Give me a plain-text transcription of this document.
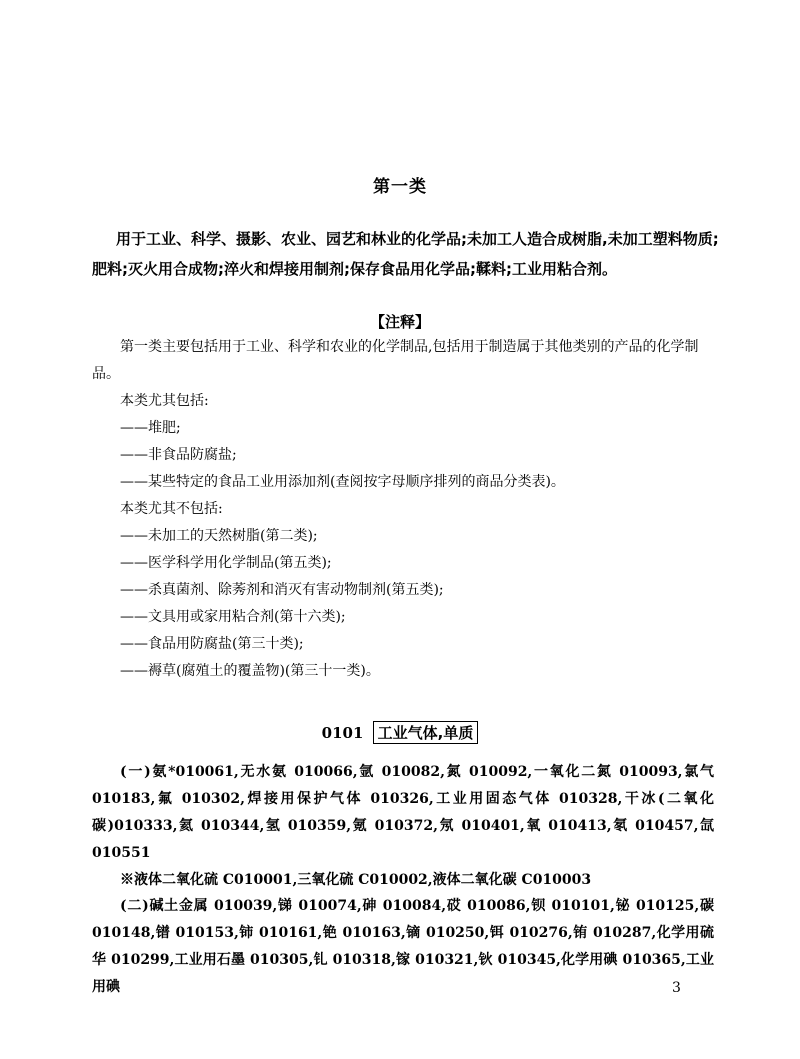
第一类
用于工业、科学、摄影、农业、园艺和林业的化学品;未加工人造合成树脂,未加工塑料物质;肥料;灭火用合成物;淬火和焊接用制剂;保存食品用化学品;鞣料;工业用粘合剂。
【注释】

第一类主要包括用于工业、科学和农业的化学制品,包括用于制造属于其他类别的产品的化学制品。

本类尤其包括:

——堆肥;

——非食品防腐盐;

——某些特定的食品工业用添加剂(查阅按字母顺序排列的商品分类表)。

本类尤其不包括:

——未加工的天然树脂(第二类);

——医学科学用化学制品(第五类);

——杀真菌剂、除莠剂和消灭有害动物制剂(第五类);

——文具用或家用粘合剂(第十六类);

——食品用防腐盐(第三十类);

——褥草(腐殖土的覆盖物)(第三十一类)。

0101 工业气体,单质

(一)氨*010061,无水氨 010066,氩 010082,氮 010092,一氧化二氮 010093,氯气 010183,氟 010302,焊接用保护气体 010326,工业用固态气体 010328,干冰(二氧化碳)010333,氦 010344,氢 010359,氪 010372,氖 010401,氧 010413,氡 010457,氙 010551

※液体二氧化硫 C010001,三氧化硫 C010002,液体二氧化碳 C010003

(二)碱土金属 010039,锑 010074,砷 010084,砹 010086,钡 010101,铋 010125,碳 010148,镨 010153,铈 010161,铯 010163,镝 010250,铒 010276,铕 010287,化学用硫华 010299,工业用石墨 010305,钆 010318,镓 010321,钬 010345,化学用碘 010365,工业用碘	3
